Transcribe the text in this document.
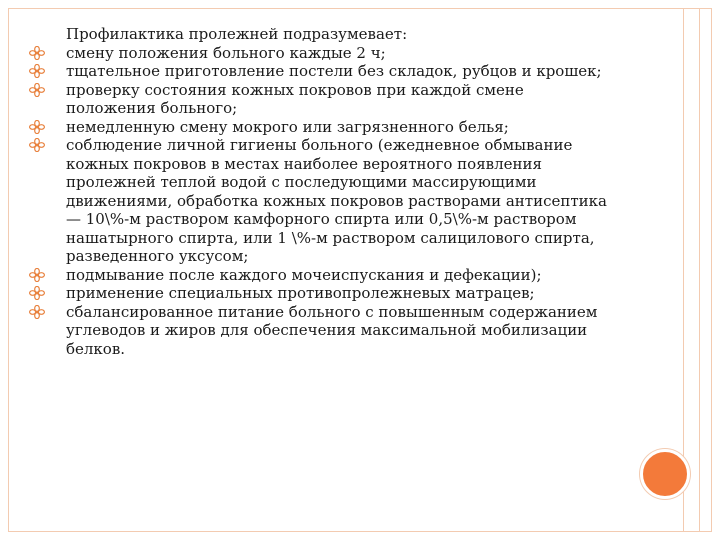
Профилактика пролежней подразумевает:

смену положения больного каждые 2 ч;
тщательное приготовление постели без складок, рубцов и крошек;
проверку состояния кожных покровов при каждой смене положения больного;
немедленную смену мокрого или загрязненного белья;
соблюдение личной гигиены больного (ежедневное обмывание кожных покровов в местах наиболее вероятного появления пролежней теплой водой с последующими массирующими движениями, обработка кожных покровов растворами антисептика — 10\%-м раствором камфорного спирта или 0,5\%-м раствором нашатырного спирта, или 1 \%-м раствором салицилового спирта, разведенного уксусом;
подмывание после каждого мочеиспускания и дефекации);
применение специальных противопролежневых матрацев;
сбалансированное питание больного с повышенным содержанием углеводов и жиров для обеспечения максимальной мобилизации белков.
